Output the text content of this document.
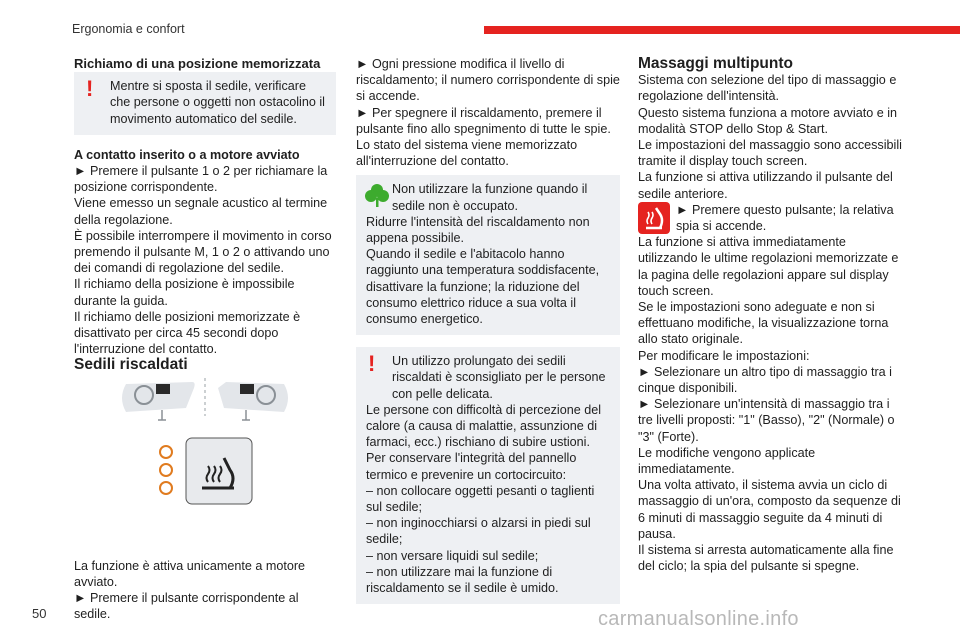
Ergonomia e confort

Richiamo di una posizione memorizzata

!	Mentre si sposta il sedile, verificare che persone o oggetti non ostacolino il movimento automatico del sedile.

A contatto inserito o a motore avviato

► Premere il pulsante 1 o 2 per richiamare la posizione corrispondente.

Viene emesso un segnale acustico al termine della regolazione.

È possibile interrompere il movimento in corso premendo il pulsante M, 1 o 2 o attivando uno dei comandi di regolazione del sedile.

Il richiamo della posizione è impossibile durante la guida.

Il richiamo delle posizioni memorizzate è disattivato per circa 45 secondi dopo l'interruzione del contatto.

Sedili riscaldati

La funzione è attiva unicamente a motore avviato.

► Premere il pulsante corrispondente al sedile.

► Ogni pressione modifica il livello di riscaldamento; il numero corrispondente di spie si accende.

► Per spegnere il riscaldamento, premere il pulsante fino allo spegnimento di tutte le spie.

Lo stato del sistema viene memorizzato all'interruzione del contatto.

Non utilizzare la funzione quando il sedile non è occupato.

Ridurre l'intensità del riscaldamento non appena possibile.

Quando il sedile e l'abitacolo hanno raggiunto una temperatura soddisfacente, disattivare la funzione; la riduzione del consumo elettrico riduce a sua volta il consumo energetico.

!	Un utilizzo prolungato dei sedili riscaldati è sconsigliato per le persone con pelle delicata.

Le persone con difficoltà di percezione del calore (a causa di malattie, assunzione di farmaci, ecc.) rischiano di subire ustioni.

Per conservare l'integrità del pannello termico e prevenire un cortocircuito:

– non collocare oggetti pesanti o taglienti sul sedile;

– non inginocchiarsi o alzarsi in piedi sul sedile;

– non versare liquidi sul sedile;

– non utilizzare mai la funzione di riscaldamento se il sedile è umido.

Massaggi multipunto

Sistema con selezione del tipo di massaggio e regolazione dell'intensità.

Questo sistema funziona a motore avviato e in modalità STOP dello Stop & Start.

Le impostazioni del massaggio sono accessibili tramite il display touch screen.

La funzione si attiva utilizzando il pulsante del sedile anteriore.

► Premere questo pulsante; la relativa spia si accende.

La funzione si attiva immediatamente utilizzando le ultime regolazioni memorizzate e la pagina delle regolazioni appare sul display touch screen.

Se le impostazioni sono adeguate e non si effettuano modifiche, la visualizzazione torna allo stato originale.

Per modificare le impostazioni:

► Selezionare un altro tipo di massaggio tra i cinque disponibili.

► Selezionare un'intensità di massaggio tra i tre livelli proposti: "1" (Basso), "2" (Normale) o "3" (Forte).

Le modifiche vengono applicate immediatamente.

Una volta attivato, il sistema avvia un ciclo di massaggio di un'ora, composto da sequenze di 6 minuti di massaggio seguite da 4 minuti di pausa.

Il sistema si arresta automaticamente alla fine del ciclo; la spia del pulsante si spegne.

50	carmanualsonline.info
